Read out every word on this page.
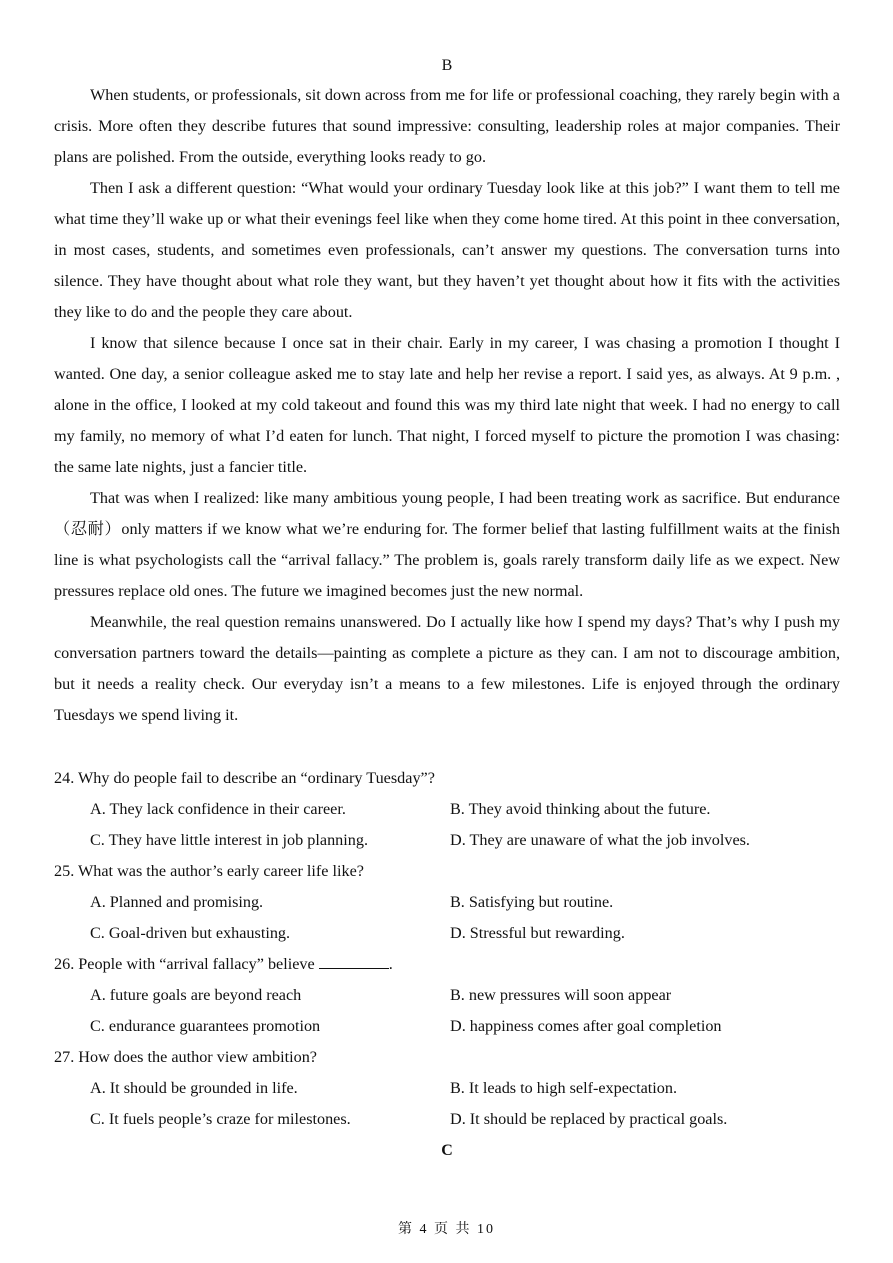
B

When students, or professionals, sit down across from me for life or professional coaching, they rarely begin with a crisis. More often they describe futures that sound impressive: consulting, leadership roles at major companies. Their plans are polished. From the outside, everything looks ready to go.

Then I ask a different question: “What would your ordinary Tuesday look like at this job?” I want them to tell me what time they’ll wake up or what their evenings feel like when they come home tired. At this point in thee conversation, in most cases, students, and sometimes even professionals, can’t answer my questions. The conversation turns into silence. They have thought about what role they want, but they haven’t yet thought about how it fits with the activities they like to do and the people they care about.

I know that silence because I once sat in their chair. Early in my career, I was chasing a promotion I thought I wanted. One day, a senior colleague asked me to stay late and help her revise a report. I said yes, as always. At 9 p.m. , alone in the office, I looked at my cold takeout and found this was my third late night that week. I had no energy to call my family, no memory of what I’d eaten for lunch. That night, I forced myself to picture the promotion I was chasing: the same late nights, just a fancier title.

That was when I realized: like many ambitious young people, I had been treating work as sacrifice. But endurance（忍耐）only matters if we know what we’re enduring for. The former belief that lasting fulfillment waits at the finish line is what psychologists call the “arrival fallacy.” The problem is, goals rarely transform daily life as we expect. New pressures replace old ones. The future we imagined becomes just the new normal.

Meanwhile, the real question remains unanswered. Do I actually like how I spend my days? That’s why I push my conversation partners toward the details—painting as complete a picture as they can. I am not to discourage ambition, but it needs a reality check. Our everyday isn’t a means to a few milestones. Life is enjoyed through the ordinary Tuesdays we spend living it.

24. Why do people fail to describe an “ordinary Tuesday”?
A. They lack confidence in their career.	B. They avoid thinking about the future.
C. They have little interest in job planning.	D. They are unaware of what the job involves.
25. What was the author’s early career life like?
A. Planned and promising.	B. Satisfying but routine.
C. Goal-driven but exhausting.	D. Stressful but rewarding.
26. People with “arrival fallacy” believe	.
A. future goals are beyond reach	B. new pressures will soon appear
C. endurance guarantees promotion	D. happiness comes after goal completion
27. How does the author view ambition?
A. It should be grounded in life.	B. It leads to high self-expectation.
C. It fuels people’s craze for milestones.	D. It should be replaced by practical goals.
C
第 4 页 共 10
